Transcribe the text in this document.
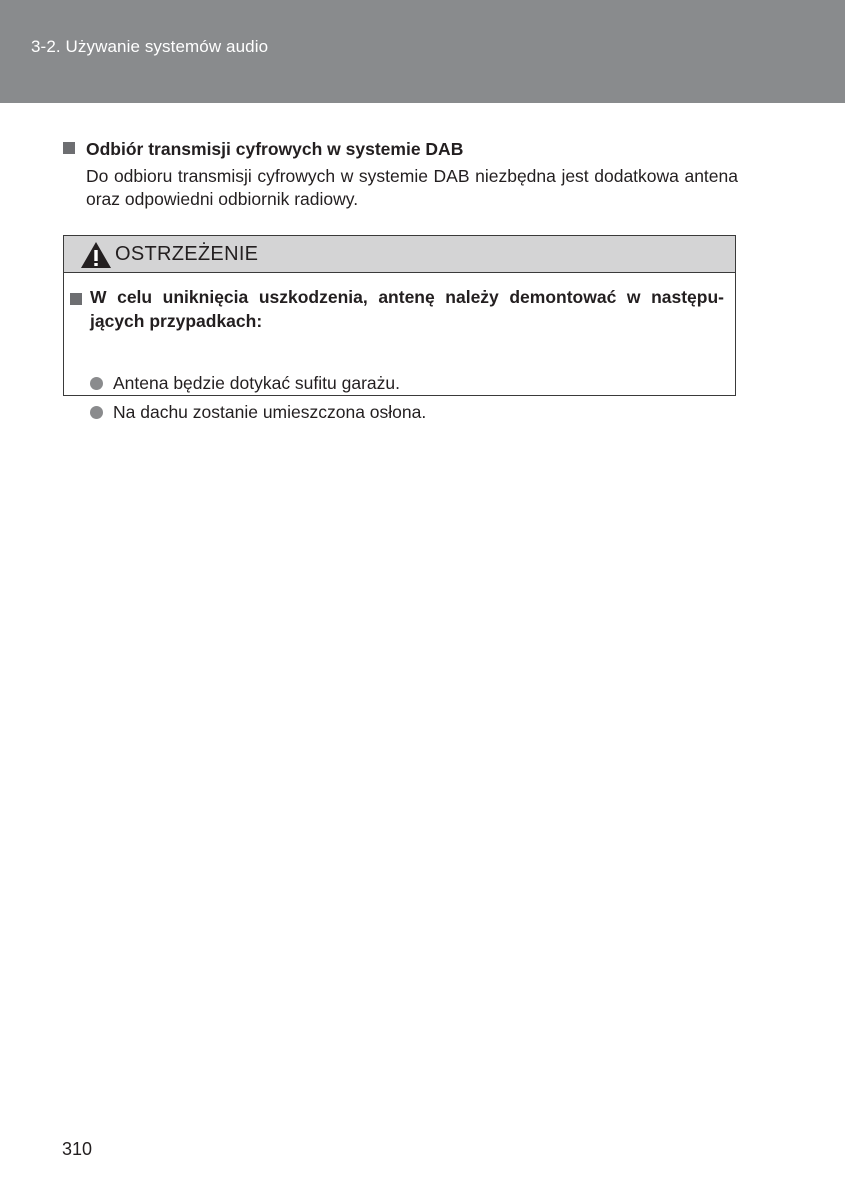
3-2. Używanie systemów audio
Odbiór transmisji cyfrowych w systemie DAB
Do odbioru transmisji cyfrowych w systemie DAB niezbędna jest dodatkowa antena oraz odpowiedni odbiornik radiowy.
OSTRZEŻENIE
W celu uniknięcia uszkodzenia, antenę należy demontować w następu-jących przypadkach:
Antena będzie dotykać sufitu garażu.
Na dachu zostanie umieszczona osłona.
310
